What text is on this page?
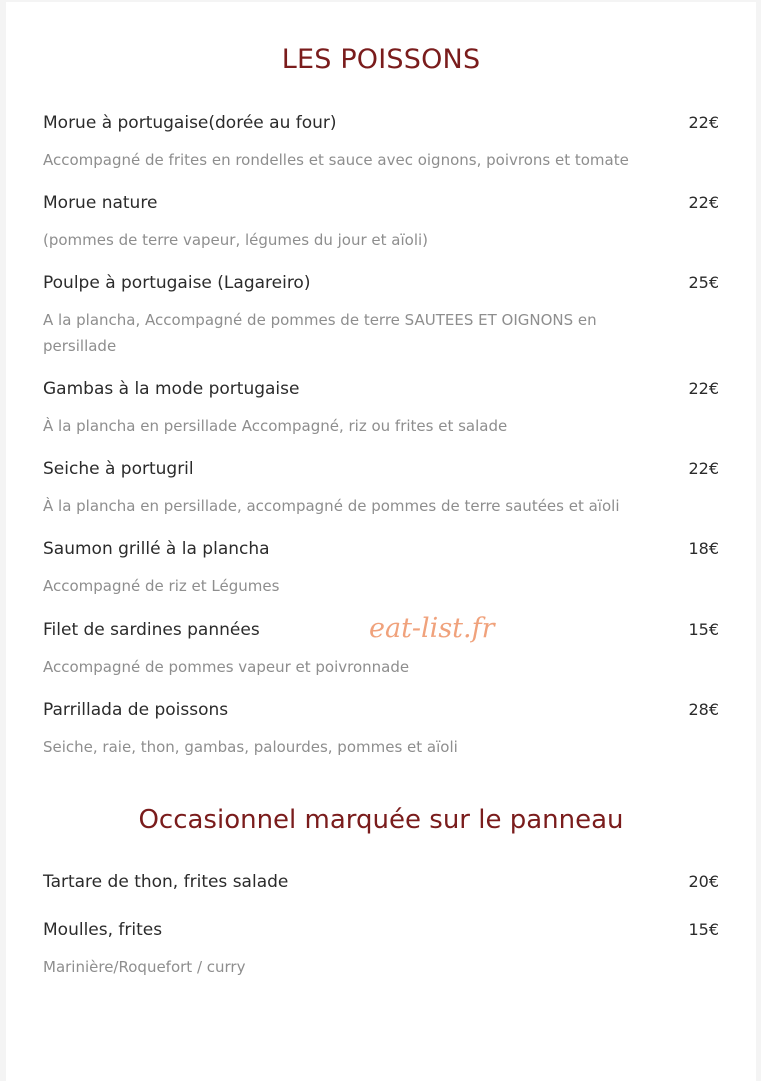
LES POISSONS
Morue à portugaise(dorée au four)	22€
Accompagné de frites en rondelles et sauce avec oignons, poivrons et tomate
Morue nature	22€
(pommes de terre vapeur, légumes du jour et aïoli)
Poulpe à portugaise (Lagareiro)	25€
A la plancha, Accompagné de pommes de terre SAUTEES ET OIGNONS en persillade
Gambas à la mode portugaise	22€
À la plancha en persillade Accompagné, riz ou frites et salade
Seiche à portugril	22€
À la plancha en persillade, accompagné de pommes de terre sautées et aïoli
Saumon grillé à la plancha	18€
Accompagné de riz et Légumes
Filet de sardines pannées	15€
Accompagné de pommes vapeur et poivronnade
Parrillada de poissons	28€
Seiche, raie, thon, gambas, palourdes, pommes et aïoli
Occasionnel marquée sur le panneau
Tartare de thon, frites salade	20€
Moulles, frites	15€
Marinière/Roquefort / curry
eat-list.fr
